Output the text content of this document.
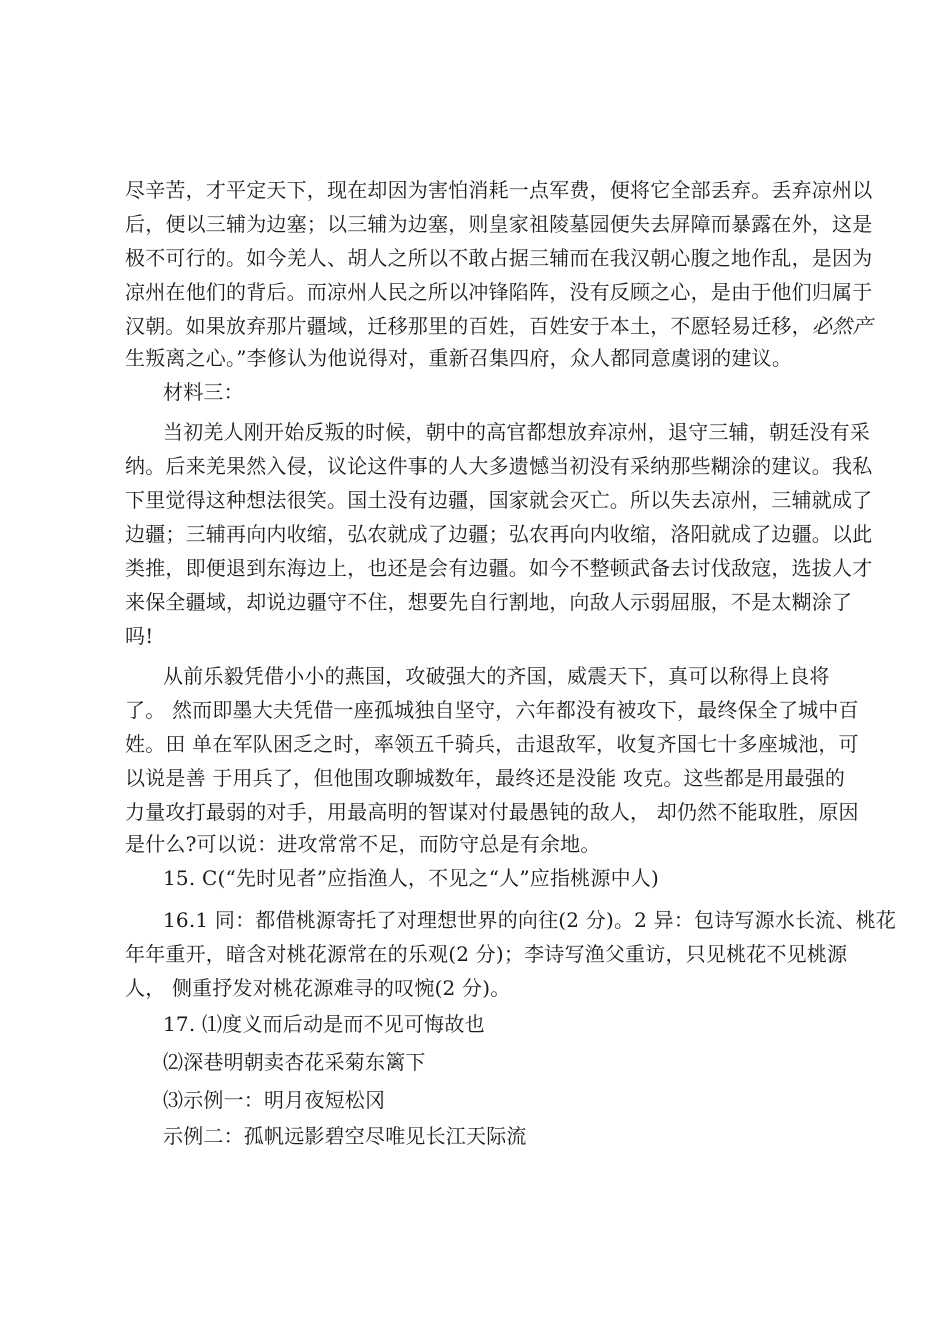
尽辛苦，才平定天下，现在却因为害怕消耗一点军费，便将它全部丢弃。丢弃凉州以
后，便以三辅为边塞；以三辅为边塞，则皇家祖陵墓园便失去屏障而暴露在外，这是
极不可行的。如今羌人、胡人之所以不敢占据三辅而在我汉朝心腹之地作乱，是因为
凉州在他们的背后。而凉州人民之所以冲锋陷阵，没有反顾之心，是由于他们归属于
汉朝。如果放弃那片疆域，迁移那里的百姓，百姓安于本土，不愿轻易迁移，必然产
生叛离之心。”李修认为他说得对，重新召集四府，众人都同意虞诩的建议。
材料三：
当初羌人刚开始反叛的时候，朝中的高官都想放弃凉州，退守三辅，朝廷没有采
纳。后来羌果然入侵，议论这件事的人大多遗憾当初没有采纳那些糊涂的建议。我私
下里觉得这种想法很笑。国土没有边疆，国家就会灭亡。所以失去凉州，三辅就成了
边疆；三辅再向内收缩，弘农就成了边疆；弘农再向内收缩，洛阳就成了边疆。以此
类推，即便退到东海边上，也还是会有边疆。如今不整顿武备去讨伐敌寇，选拔人才
来保全疆域，却说边疆守不住，想要先自行割地，向敌人示弱屈服，不是太糊涂了
吗!
从前乐毅凭借小小的燕国，攻破强大的齐国，威震天下，真可以称得上良将
了。 然而即墨大夫凭借一座孤城独自坚守，六年都没有被攻下，最终保全了城中百
姓。田 单在军队困乏之时，率领五千骑兵，击退敌军，收复齐国七十多座城池，可
以说是善 于用兵了，但他围攻聊城数年，最终还是没能 攻克。这些都是用最强的
力量攻打最弱的对手，用最高明的智谋对付最愚钝的敌人， 却仍然不能取胜，原因
是什么?可以说：进攻常常不足，而防守总是有余地。
15. C(“先时见者”应指渔人，不见之“人”应指桃源中人)
16.1 同：都借桃源寄托了对理想世界的向往(2 分)。2 异：包诗写源水长流、桃花
年年重开，暗含对桃花源常在的乐观(2 分)；李诗写渔父重访，只见桃花不见桃源
人， 侧重抒发对桃花源难寻的叹惋(2 分)。
17. ⑴度义而后动是而不见可悔故也
⑵深巷明朝卖杏花采菊东篱下
⑶示例一：明月夜短松冈
示例二：孤帆远影碧空尽唯见长江天际流
